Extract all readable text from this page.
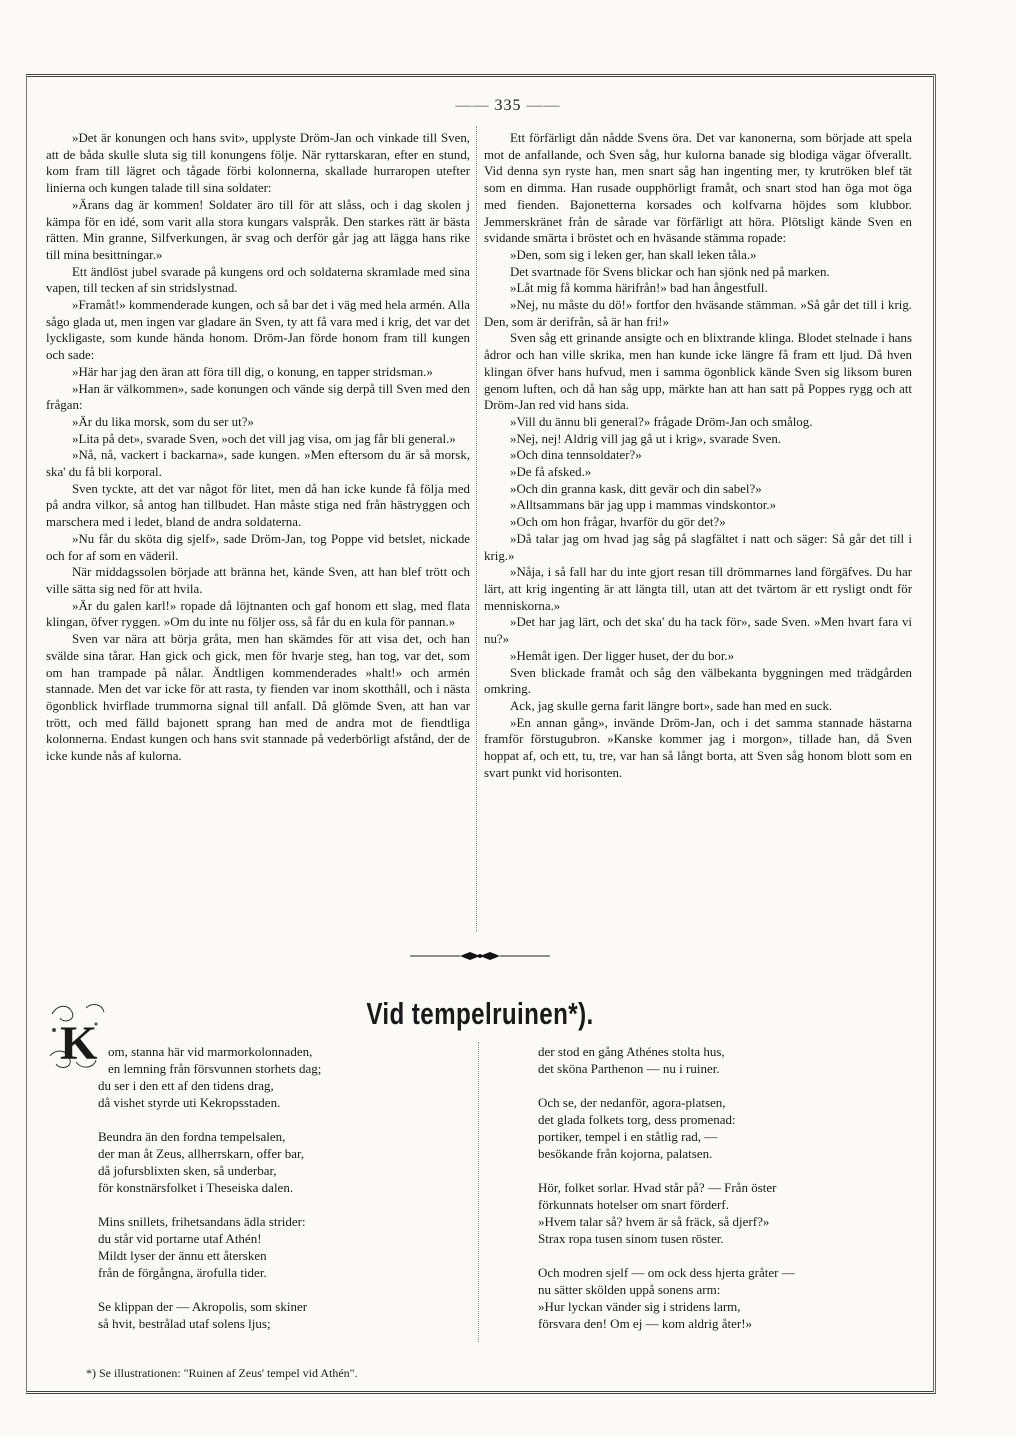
—— 335 ——

»Det är konungen och hans svit», upplyste Dröm-Jan och vinkade till Sven, att de båda skulle sluta sig till konungens följe. När ryttarskaran, efter en stund, kom fram till lägret och tågade förbi kolonnerna, skallade hurraropen utefter linierna och kungen talade till sina soldater:

»Ärans dag är kommen! Soldater äro till för att slåss, och i dag skolen j kämpa för en idé, som varit alla stora kungars valspråk. Den starkes rätt är bästa rätten. Min granne, Silfverkungen, är svag och derför går jag att lägga hans rike till mina besittningar.»

Ett ändlöst jubel svarade på kungens ord och soldaterna skramlade med sina vapen, till tecken af sin stridslystnad.

»Framåt!» kommenderade kungen, och så bar det i väg med hela armén. Alla sågo glada ut, men ingen var gladare än Sven, ty att få vara med i krig, det var det lyckligaste, som kunde hända honom. Dröm-Jan förde honom fram till kungen och sade:

»Här har jag den äran att föra till dig, o konung, en tapper stridsman.»

»Han är välkommen», sade konungen och vände sig derpå till Sven med den frågan:

»Är du lika morsk, som du ser ut?»

»Lita på det», svarade Sven, »och det vill jag visa, om jag får bli general.»

»Nå, nå, vackert i backarna», sade kungen. »Men eftersom du är så morsk, ska' du få bli korporal.

Sven tyckte, att det var något för litet, men då han icke kunde få följa med på andra vilkor, så antog han tillbudet. Han måste stiga ned från hästryggen och marschera med i ledet, bland de andra soldaterna.

»Nu får du sköta dig sjelf», sade Dröm-Jan, tog Poppe vid betslet, nickade och for af som en väderil.

När middagssolen började att bränna het, kände Sven, att han blef trött och ville sätta sig ned för att hvila.

»Är du galen karl!» ropade då löjtnanten och gaf honom ett slag, med flata klingan, öfver ryggen. »Om du inte nu följer oss, så får du en kula för pannan.»

Sven var nära att börja gråta, men han skämdes för att visa det, och han svälde sina tårar. Han gick och gick, men för hvarje steg, han tog, var det, som om han trampade på nålar. Ändtligen kommenderades »halt!» och armén stannade. Men det var icke för att rasta, ty fienden var inom skotthåll, och i nästa ögonblick hvirflade trummorna signal till anfall. Då glömde Sven, att han var trött, och med fälld bajonett sprang han med de andra mot de fiendtliga kolonnerna. Endast kungen och hans svit stannade på vederbörligt afstånd, der de icke kunde nås af kulorna.

Ett förfärligt dån nådde Svens öra. Det var kanonerna, som började att spela mot de anfallande, och Sven såg, hur kulorna banade sig blodiga vägar öfverallt. Vid denna syn ryste han, men snart såg han ingenting mer, ty krutröken blef tät som en dimma. Han rusade oupphörligt framåt, och snart stod han öga mot öga med fienden. Bajonetterna korsades och kolfvarna höjdes som klubbor. Jemmerskränet från de sårade var förfärligt att höra. Plötsligt kände Sven en svidande smärta i bröstet och en hväsande stämma ropade:

»Den, som sig i leken ger, han skall leken tåla.»

Det svartnade för Svens blickar och han sjönk ned på marken.

»Låt mig få komma härifrån!» bad han ångestfull.

»Nej, nu måste du dö!» fortfor den hväsande stämman. »Så går det till i krig. Den, som är derifrån, så är han fri!»

Sven såg ett grinande ansigte och en blixtrande klinga. Blodet stelnade i hans ådror och han ville skrika, men han kunde icke längre få fram ett ljud. Då hven klingan öfver hans hufvud, men i samma ögonblick kände Sven sig liksom buren genom luften, och då han såg upp, märkte han att han satt på Poppes rygg och att Dröm-Jan red vid hans sida.

»Vill du ännu bli general?» frågade Dröm-Jan och smålog.

»Nej, nej! Aldrig vill jag gå ut i krig», svarade Sven.

»Och dina tennsoldater?»

»De få afsked.»

»Och din granna kask, ditt gevär och din sabel?»

»Alltsammans bär jag upp i mammas vindskontor.»

»Och om hon frågar, hvarför du gör det?»

»Då talar jag om hvad jag såg på slagfältet i natt och säger: Så går det till i krig.»

»Nåja, i så fall har du inte gjort resan till drömmarnes land förgäfves. Du har lärt, att krig ingenting är att längta till, utan att det tvärtom är ett rysligt ondt för menniskorna.»

»Det har jag lärt, och det ska' du ha tack för», sade Sven. »Men hvart fara vi nu?»

»Hemåt igen. Der ligger huset, der du bor.»

Sven blickade framåt och såg den välbekanta byggningen med trädgården omkring.

Ack, jag skulle gerna farit längre bort», sade han med en suck.

»En annan gång», invände Dröm-Jan, och i det samma stannade hästarna framför förstugubron. »Kanske kommer jag i morgon», tillade han, då Sven hoppat af, och ett, tu, tre, var han så långt borta, att Sven såg honom blott som en svart punkt vid horisonten.

Vid tempelruinen*).
K om, stanna här vid marmorkolonnaden,
en lemning från försvunnen storhets dag;
du ser i den ett af den tidens drag,
då vishet styrde uti Kekropsstaden.
Beundra än den fordna tempelsalen,
der man åt Zeus, allherrskarn, offer bar,
då jofursblixten sken, så underbar,
för konstnärsfolket i Theseiska dalen.
Mins snillets, frihetsandans ädla strider:
du står vid portarne utaf Athén!
Mildt lyser der ännu ett återsken
från de förgångna, ärofulla tider.
Se klippan der — Akropolis, som skiner
så hvit, bestrålad utaf solens ljus;
der stod en gång Athénes stolta hus,
det sköna Parthenon — nu i ruiner.
Och se, der nedanför, agora-platsen,
det glada folkets torg, dess promenad:
portiker, tempel i en ståtlig rad, —
besökande från kojorna, palatsen.
Hör, folket sorlar. Hvad står på? — Från öster
förkunnats hotelser om snart förderf.
»Hvem talar så? hvem är så fräck, så djerf?»
Strax ropa tusen sinom tusen röster.
Och modren sjelf — om ock dess hjerta gråter —
nu sätter skölden uppå sonens arm:
»Hur lyckan vänder sig i stridens larm,
försvara den! Om ej — kom aldrig åter!»
*) Se illustrationen: "Ruinen af Zeus' tempel vid Athén".
